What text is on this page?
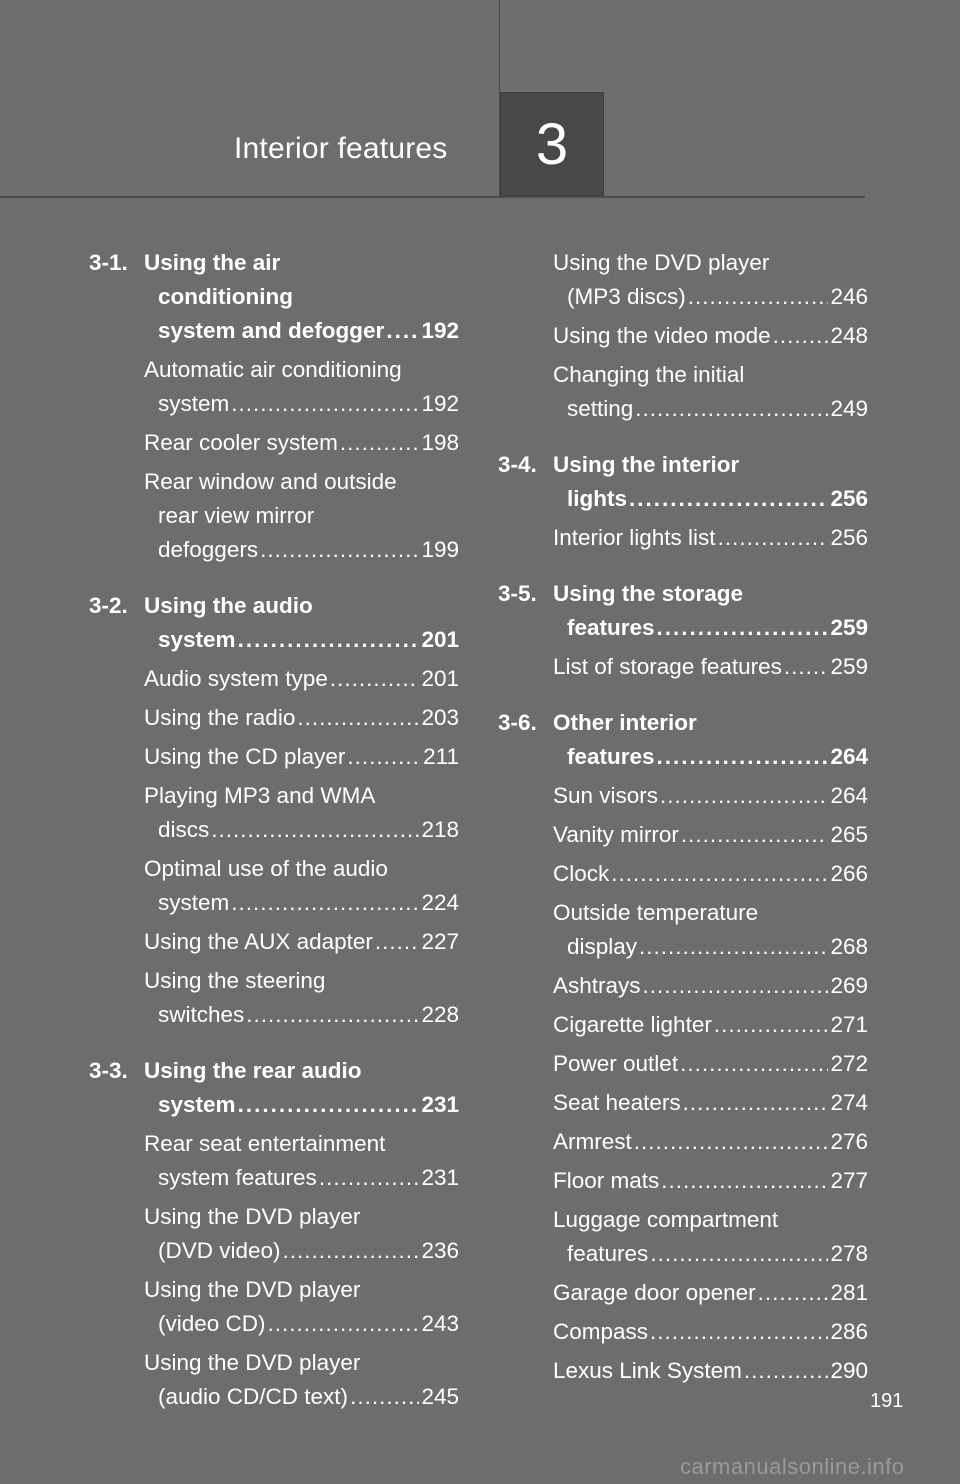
Interior features	3
3-1. Using the air
conditioning
system and defogger ..... 192
Automatic air conditioning
system .....	192
Rear cooler system .....	198
Rear window and outside
rear view mirror
defoggers .....	199
3-2. Using the audio
system .....	201
Audio system type .....	201
Using the radio .....	203
Using the CD player .....	211
Playing MP3 and WMA
discs .....	218
Optimal use of the audio
system .....	224
Using the AUX adapter ..... 227
Using the steering
switches .....	228
3-3. Using the rear audio
system .....	231
Rear seat entertainment
system features .....	231
Using the DVD player
(DVD video) .....	236
Using the DVD player
(video CD) .....	243
Using the DVD player
(audio CD/CD text) .....	245
Using the DVD player
(MP3 discs) .....	246
Using the video mode .....	248
Changing the initial
setting .....	249
3-4. Using the interior
lights .....	256
Interior lights list .....	256
3-5. Using the storage
features .....	259
List of storage features ..... 259
3-6. Other interior
features .....	264
Sun visors .....	264
Vanity mirror .....	265
Clock .....	266
Outside temperature
display .....	268
Ashtrays .....	269
Cigarette lighter .....	271
Power outlet .....	272
Seat heaters .....	274
Armrest .....	276
Floor mats .....	277
Luggage compartment
features .....	278
Garage door opener .....	281
Compass .....	286
Lexus Link System .....	290
191
carmanualsonline.info
